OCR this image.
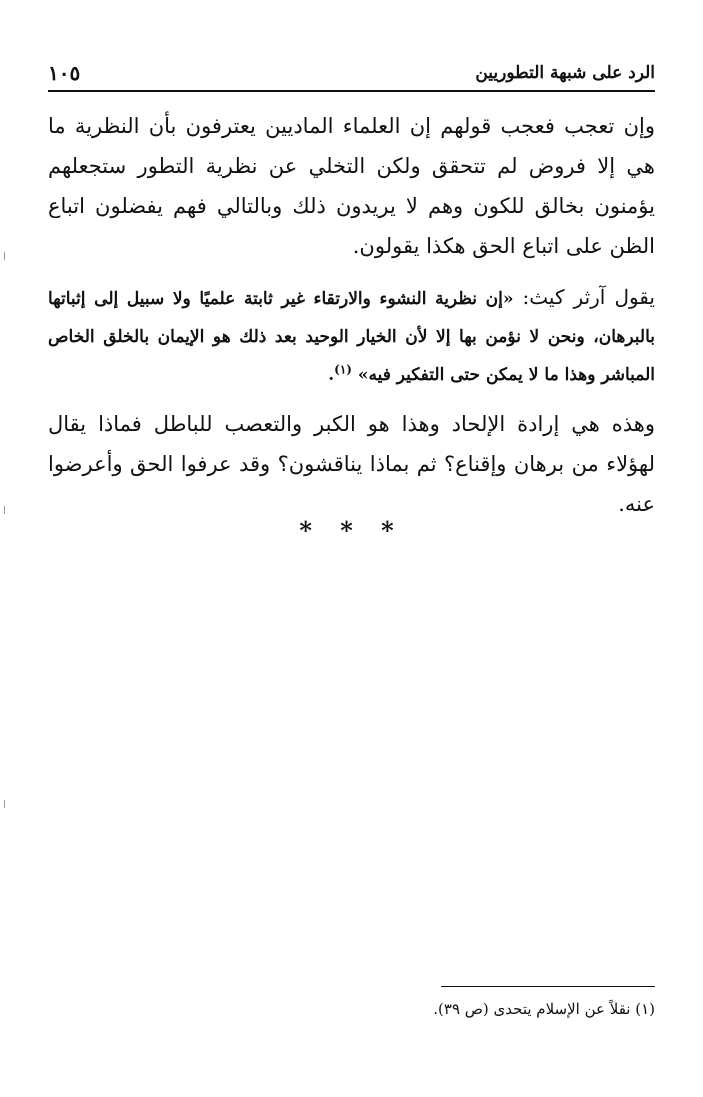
الرد على شبهة التطوريين
١٠٥

وإن تعجب فعجب قولهم إن العلماء الماديين يعترفون بأن النظرية ما هي إلا فروض لم تتحقق ولكن التخلي عن نظرية التطور ستجعلهم يؤمنون بخالق للكون وهم لا يريدون ذلك وبالتالي فهم يفضلون اتباع الظن على اتباع الحق هكذا يقولون.

يقول آرثر كيث: «إن نظرية النشوء والارتقاء غير ثابتة علميًا ولا سبيل إلى إثباتها بالبرهان، ونحن لا نؤمن بها إلا لأن الخيار الوحيد بعد ذلك هو الإيمان بالخلق الخاص المباشر وهذا ما لا يمكن حتى التفكير فيه» $^{(١)}$.

وهذه هي إرادة الإلحاد وهذا هو الكبر والتعصب للباطل فماذا يقال لهؤلاء من برهان وإقناع؟ ثم بماذا يناقشون؟ وقد عرفوا الحق وأعرضوا عنه.

* * *
(١) نقلاً عن الإسلام يتحدى (ص ٣٩).
